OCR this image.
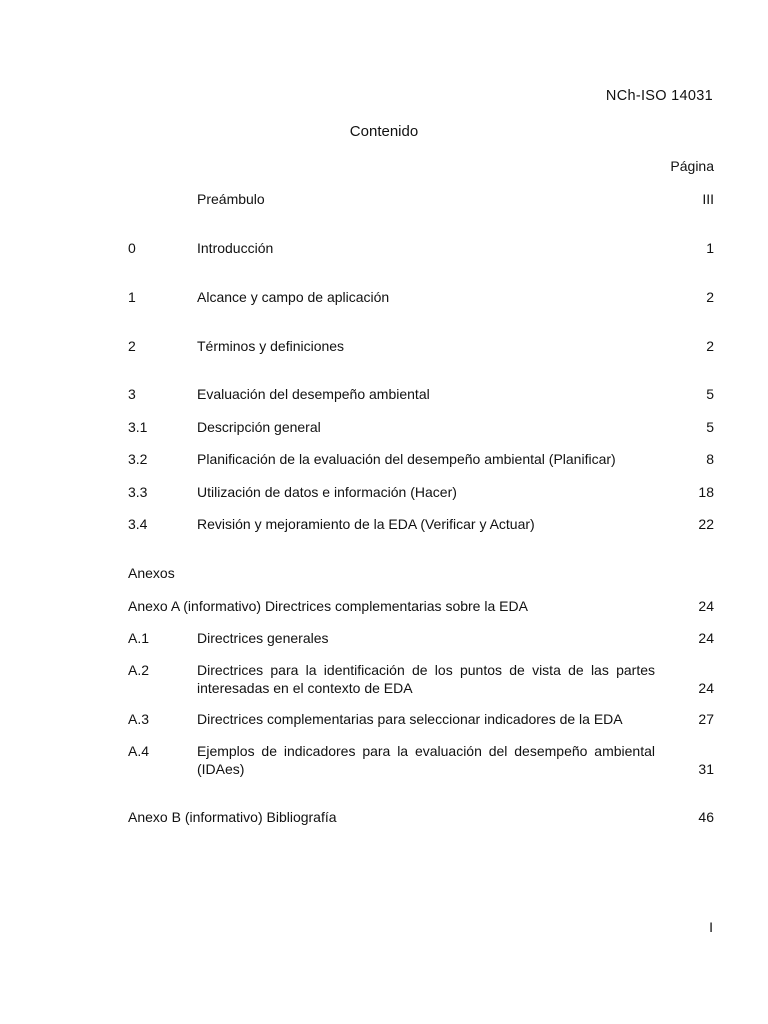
NCh-ISO 14031
Contenido
Página
Preámbulo	III
0	Introducción	1
1	Alcance y campo de aplicación	2
2	Términos y definiciones	2
3	Evaluación del desempeño ambiental	5
3.1	Descripción general	5
3.2	Planificación de la evaluación del desempeño ambiental (Planificar)	8
3.3	Utilización de datos e información (Hacer)	18
3.4	Revisión y mejoramiento de la EDA (Verificar y Actuar)	22
Anexos
Anexo A (informativo) Directrices complementarias sobre la EDA	24
A.1	Directrices generales	24
A.2	Directrices para la identificación de los puntos de vista de las partes interesadas en el contexto de EDA	24
A.3	Directrices complementarias para seleccionar indicadores de la EDA	27
A.4	Ejemplos de indicadores para la evaluación del desempeño ambiental (IDAes)	31
Anexo B (informativo) Bibliografía	46
I
